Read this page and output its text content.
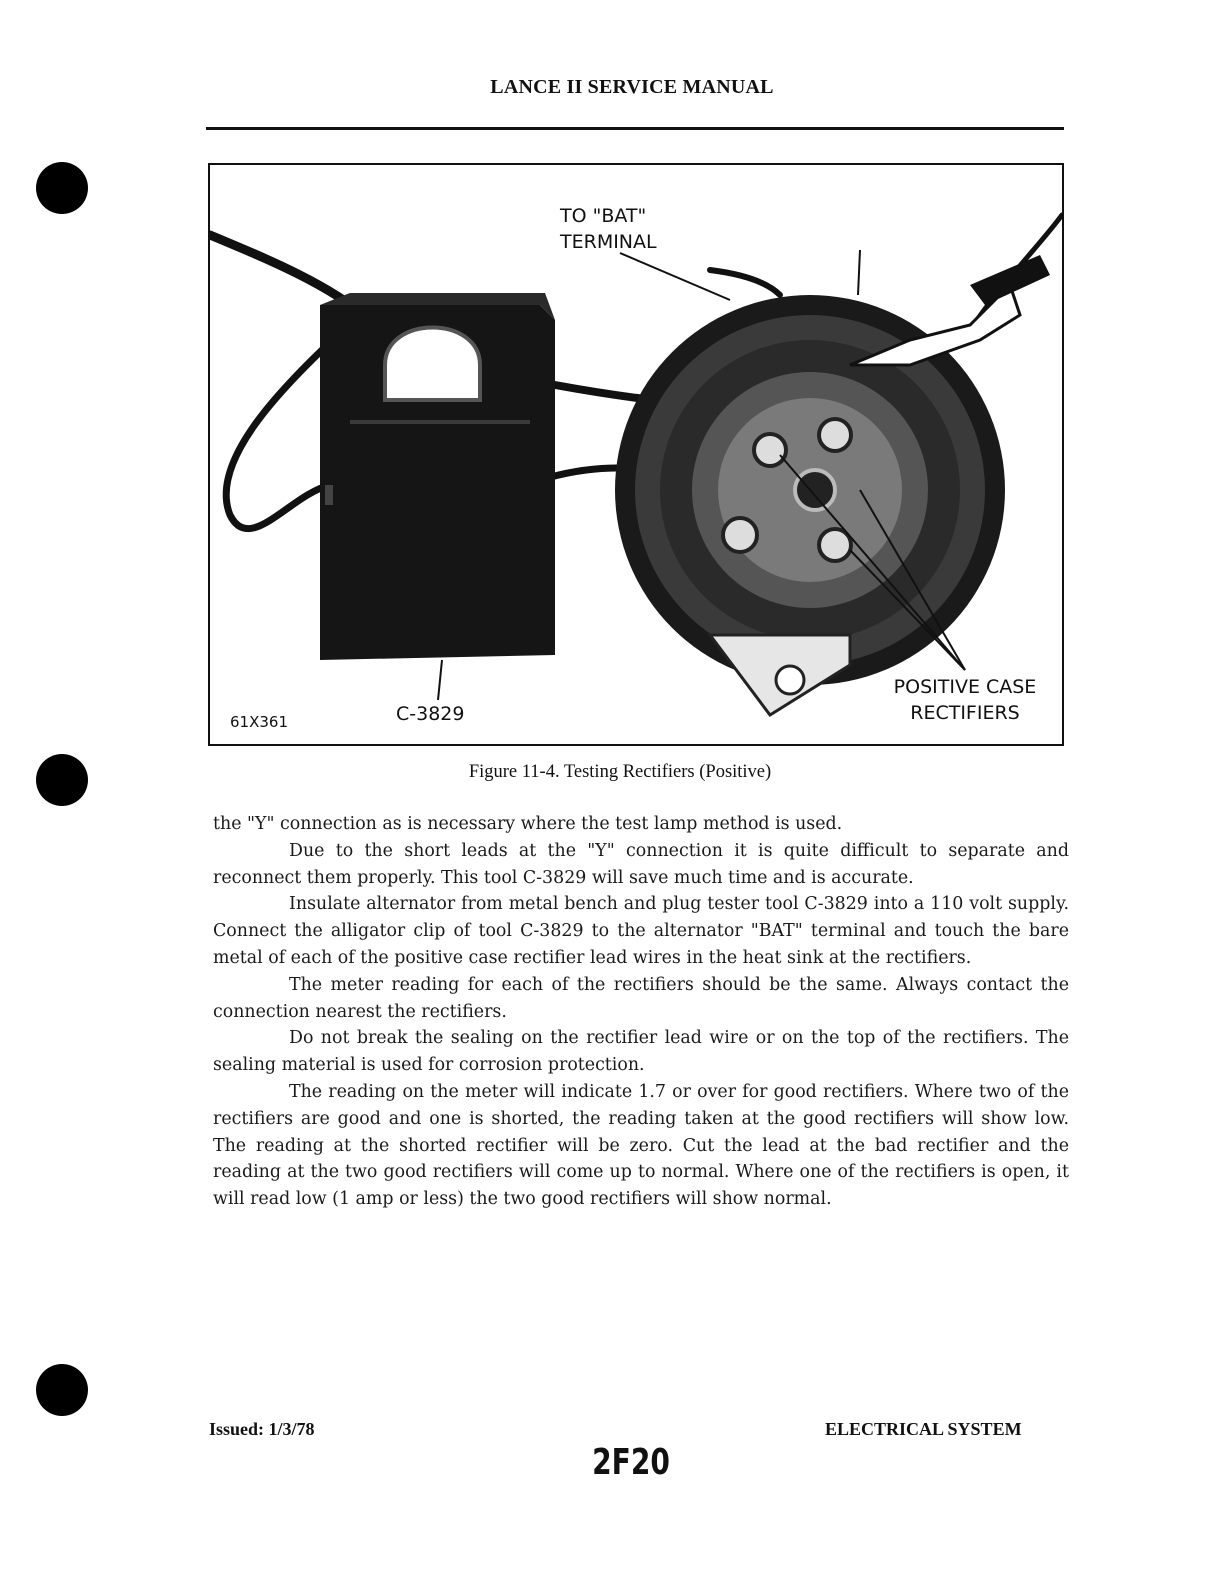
LANCE II SERVICE MANUAL
TO "BAT"
TERMINAL
POSITIVE CASE
RECTIFIERS
61X361	C-3829
Figure 11-4. Testing Rectifiers (Positive)

the "Y" connection as is necessary where the test lamp method is used.

Due to the short leads at the "Y" connection it is quite difficult to separate and reconnect them properly. This tool C-3829 will save much time and is accurate.

Insulate alternator from metal bench and plug tester tool C-3829 into a 110 volt supply. Connect the alligator clip of tool C-3829 to the alternator "BAT" terminal and touch the bare metal of each of the positive case rectifier lead wires in the heat sink at the rectifiers.

The meter reading for each of the rectifiers should be the same. Always contact the connection nearest the rectifiers.

Do not break the sealing on the rectifier lead wire or on the top of the rectifiers. The sealing material is used for corrosion protection.

The reading on the meter will indicate 1.7 or over for good rectifiers. Where two of the rectifiers are good and one is shorted, the reading taken at the good rectifiers will show low. The reading at the shorted rectifier will be zero. Cut the lead at the bad rectifier and the reading at the two good rectifiers will come up to normal. Where one of the rectifiers is open, it will read low (1 amp or less) the two good rectifiers will show normal.

Issued: 1/3/78	ELECTRICAL SYSTEM
2F20
